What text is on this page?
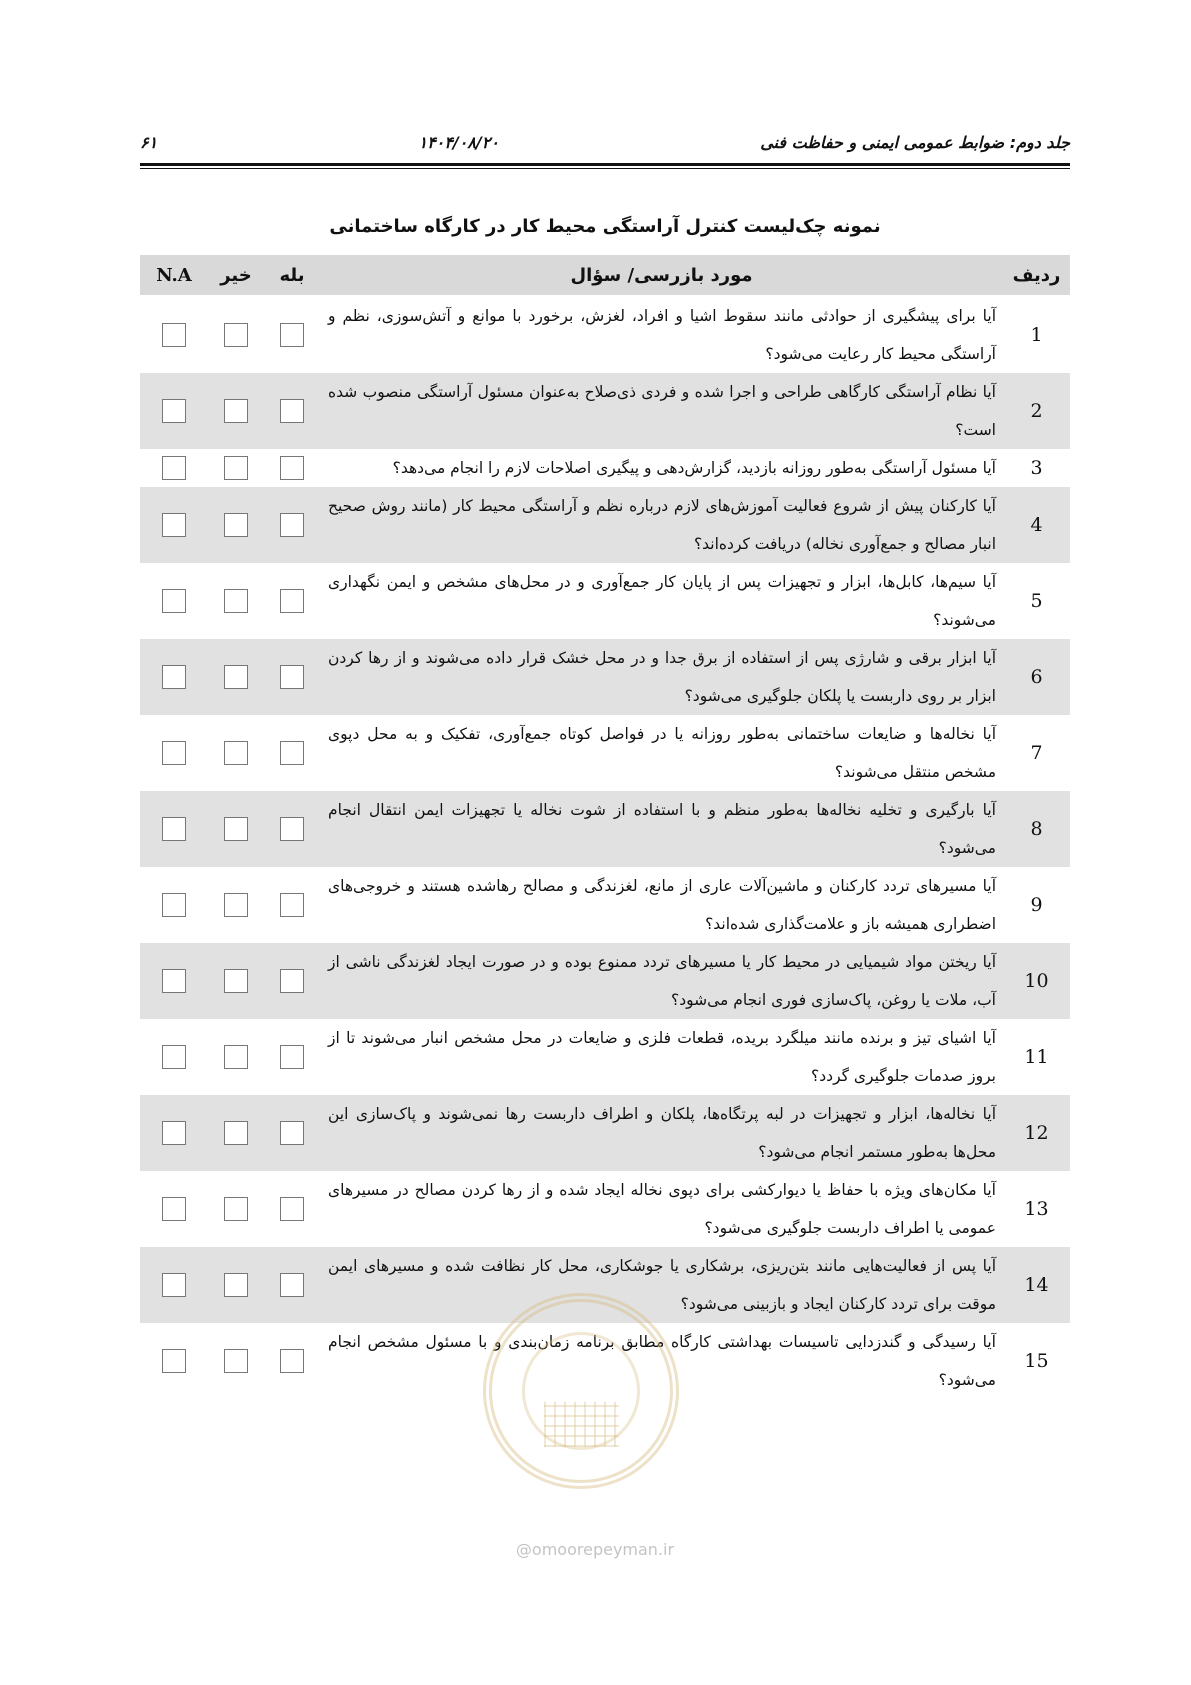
جلد دوم: ضوابط عمومی ایمنی و حفاظت فنی
۱۴۰۴/۰۸/۲۰
۶۱
نمونه چک‌لیست کنترل آراستگی محیط کار در کارگاه ساختمانی
ردیف	مورد بازرسی/ سؤال	بله	خیر	N.A
1	آیا برای پیشگیری از حوادثی مانند سقوط اشیا و افراد، لغزش، برخورد با موانع و آتش‌سوزی، نظم و آراستگی محیط کار رعایت می‌شود؟			
2	آیا نظام آراستگی کارگاهی طراحی و اجرا شده و فردی ذی‌صلاح به‌عنوان مسئول آراستگی منصوب شده است؟			
3	آیا مسئول آراستگی به‌طور روزانه بازدید، گزارش‌دهی و پیگیری اصلاحات لازم را انجام می‌دهد؟			
4	آیا کارکنان پیش از شروع فعالیت آموزش‌های لازم درباره نظم و آراستگی محیط کار (مانند روش صحیح انبار مصالح و جمع‌آوری نخاله) دریافت کرده‌اند؟			
5	آیا سیم‌ها، کابل‌ها، ابزار و تجهیزات پس از پایان کار جمع‌آوری و در محل‌های مشخص و ایمن نگهداری می‌شوند؟			
6	آیا ابزار برقی و شارژی پس از استفاده از برق جدا و در محل خشک قرار داده می‌شوند و از رها کردن ابزار بر روی داربست یا پلکان جلوگیری می‌شود؟			
7	آیا نخاله‌ها و ضایعات ساختمانی به‌طور روزانه یا در فواصل کوتاه جمع‌آوری، تفکیک و به محل دپوی مشخص منتقل می‌شوند؟			
8	آیا بارگیری و تخلیه نخاله‌ها به‌طور منظم و با استفاده از شوت نخاله یا تجهیزات ایمن انتقال انجام می‌شود؟			
9	آیا مسیرهای تردد کارکنان و ماشین‌آلات عاری از مانع، لغزندگی و مصالح رهاشده هستند و خروجی‌های اضطراری همیشه باز و علامت‌گذاری شده‌اند؟			
10	آیا ریختن مواد شیمیایی در محیط کار یا مسیرهای تردد ممنوع بوده و در صورت ایجاد لغزندگی ناشی از آب، ملات یا روغن، پاک‌سازی فوری انجام می‌شود؟			
11	آیا اشیای تیز و برنده مانند میلگرد بریده، قطعات فلزی و ضایعات در محل مشخص انبار می‌شوند تا از بروز صدمات جلوگیری گردد؟			
12	آیا نخاله‌ها، ابزار و تجهیزات در لبه پرتگاه‌ها، پلکان و اطراف داربست رها نمی‌شوند و پاک‌سازی این محل‌ها به‌طور مستمر انجام می‌شود؟			
13	آیا مکان‌های ویژه با حفاظ یا دیوارکشی برای دپوی نخاله ایجاد شده و از رها کردن مصالح در مسیرهای عمومی یا اطراف داربست جلوگیری می‌شود؟			
14	آیا پس از فعالیت‌هایی مانند بتن‌ریزی، برشکاری یا جوشکاری، محل کار نظافت شده و مسیرهای ایمن موقت برای تردد کارکنان ایجاد و بازبینی می‌شود؟			
15	آیا رسیدگی و گندزدایی تاسیسات بهداشتی کارگاه مطابق برنامه زمان‌بندی و با مسئول مشخص انجام می‌شود؟			
@omoorepeyman.ir
